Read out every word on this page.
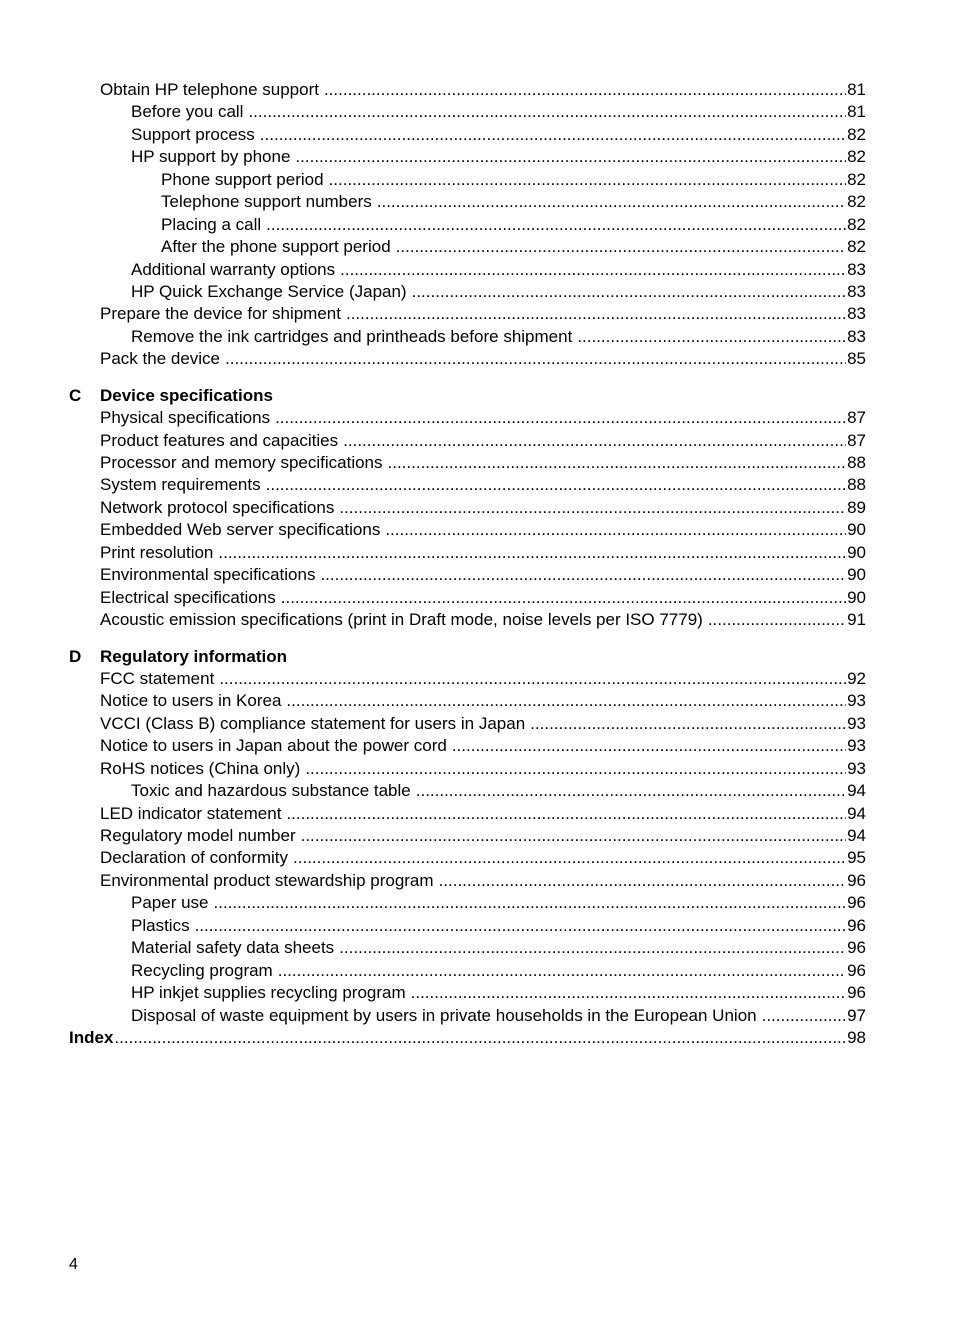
Obtain HP telephone support .....	81
Before you call .....	81
Support process .....	82
HP support by phone .....	82
Phone support period .....	82
Telephone support numbers .....	82
Placing a call .....	82
After the phone support period .....	82
Additional warranty options .....	83
HP Quick Exchange Service (Japan) .....	83
Prepare the device for shipment .....	83
Remove the ink cartridges and printheads before shipment .....	83
Pack the device .....	85
C Device specifications
Physical specifications .....	87
Product features and capacities .....	87
Processor and memory specifications .....	88
System requirements .....	88
Network protocol specifications .....	89
Embedded Web server specifications .....	90
Print resolution .....	90
Environmental specifications .....	90
Electrical specifications .....	90
Acoustic emission specifications (print in Draft mode, noise levels per ISO 7779) .....	91
D Regulatory information
FCC statement .....	92
Notice to users in Korea .....	93
VCCI (Class B) compliance statement for users in Japan .....	93
Notice to users in Japan about the power cord .....	93
RoHS notices (China only) .....	93
Toxic and hazardous substance table .....	94
LED indicator statement .....	94
Regulatory model number .....	94
Declaration of conformity .....	95
Environmental product stewardship program .....	96
Paper use .....	96
Plastics .....	96
Material safety data sheets .....	96
Recycling program .....	96
HP inkjet supplies recycling program .....	96
Disposal of waste equipment by users in private households in the European Union .....	97
Index .....	98
4
